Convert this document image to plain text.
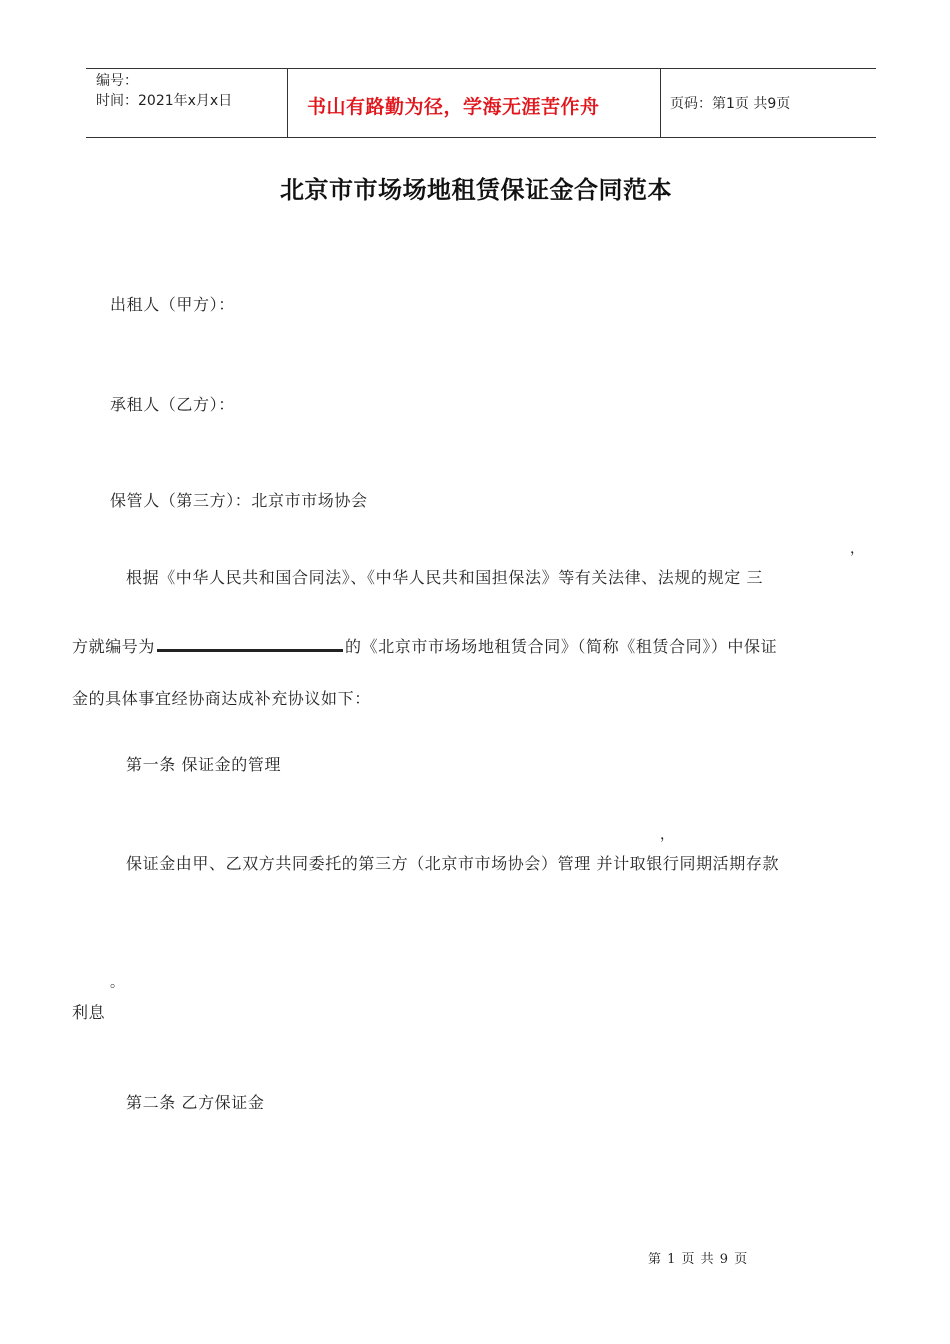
编号：
时间：2021年x月x日	书山有路勤为径，学海无涯苦作舟	页码：第1页 共9页
北京市市场场地租赁保证金合同范本
出租人（甲方）：
承租人（乙方）：
保管人（第三方）：北京市市场协会
，
根据《中华人民共和国合同法》、《中华人民共和国担保法》等有关法律、法规的规定 三
方就编号为	的《北京市市场场地租赁合同》（简称《租赁合同》）中保证
金的具体事宜经协商达成补充协议如下：
第一条 保证金的管理
，
保证金由甲、乙双方共同委托的第三方（北京市市场协会）管理 并计取银行同期活期存款
。
利息
第二条 乙方保证金
第 1 页 共 9 页
